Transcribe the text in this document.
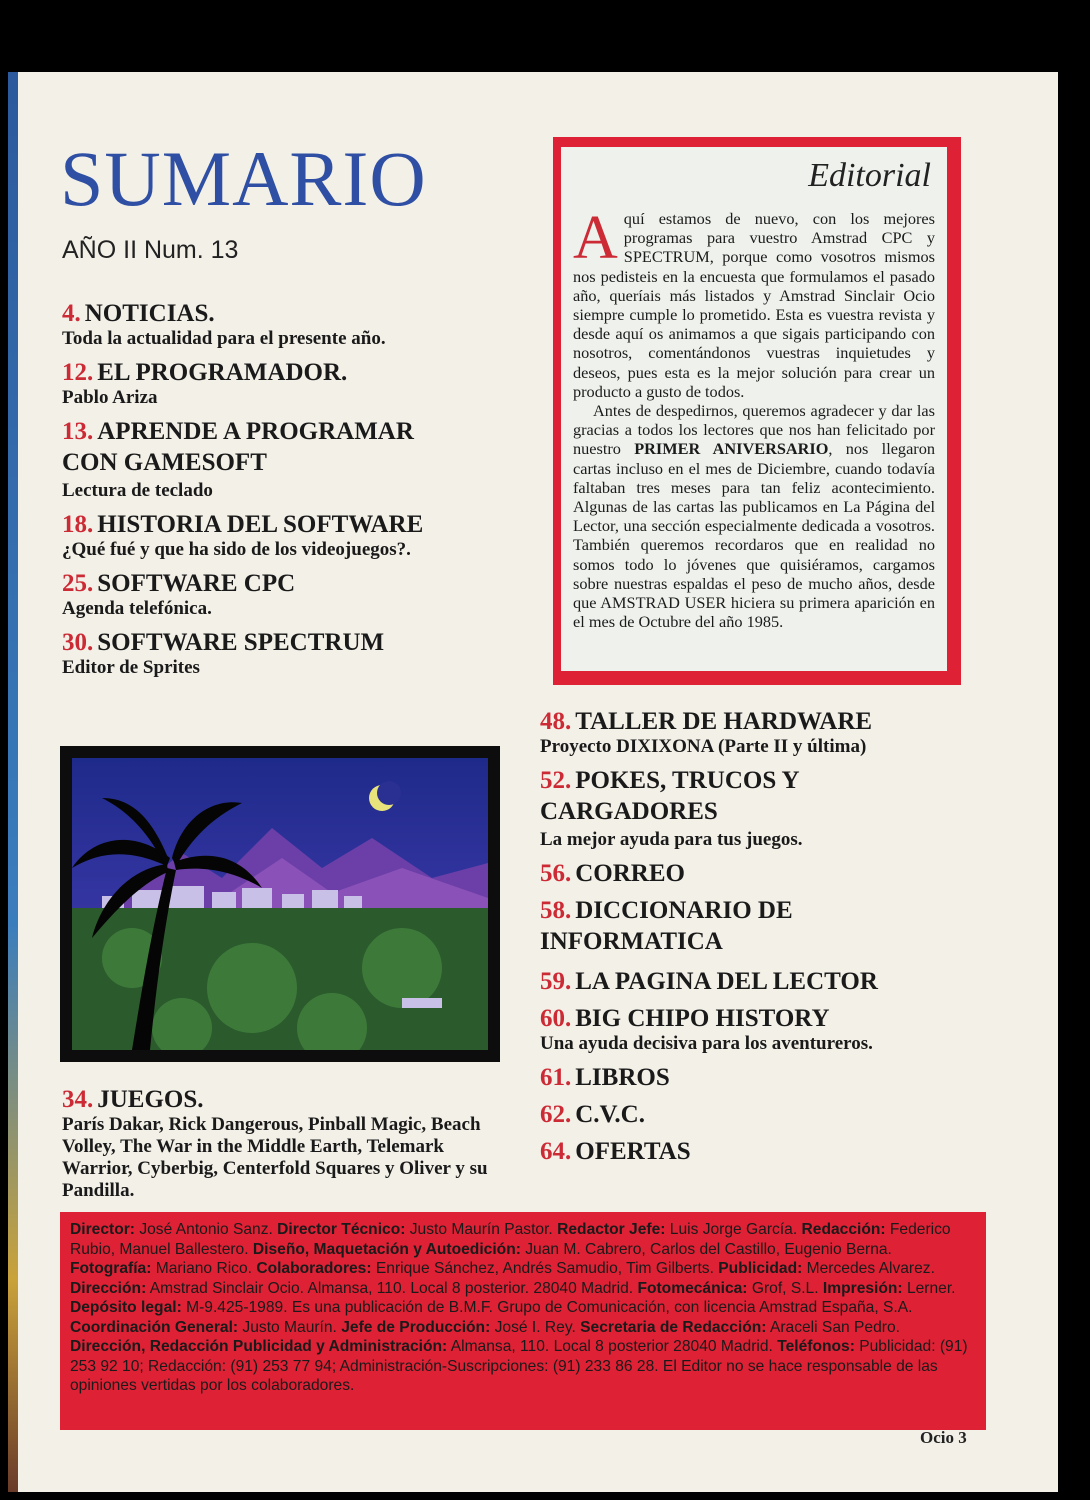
SUMARIO
AÑO II Num. 13
4. NOTICIAS.
Toda la actualidad para el presente año.
12. EL PROGRAMADOR.
Pablo Ariza
13. APRENDE A PROGRAMAR CON GAMESOFT
Lectura de teclado
18. HISTORIA DEL SOFTWARE
¿Qué fué y que ha sido de los videojuegos?.
25. SOFTWARE CPC
Agenda telefónica.
30. SOFTWARE SPECTRUM
Editor de Sprites
Editorial

Aquí estamos de nuevo, con los mejores programas para vuestro Amstrad CPC y SPECTRUM, porque como vosotros mismos nos pedisteis en la encuesta que formulamos el pasado año, queríais más listados y Amstrad Sinclair Ocio siempre cumple lo prometido. Esta es vuestra revista y desde aquí os animamos a que sigais participando con nosotros, comentándonos vuestras inquietudes y deseos, pues esta es la mejor solución para crear un producto a gusto de todos.

Antes de despedirnos, queremos agradecer y dar las gracias a todos los lectores que nos han felicitado por nuestro PRIMER ANIVERSARIO, nos llegaron cartas incluso en el mes de Diciembre, cuando todavía faltaban tres meses para tan feliz acontecimiento. Algunas de las cartas las publicamos en La Página del Lector, una sección especialmente dedicada a vosotros. También queremos recordaros que en realidad no somos todo lo jóvenes que quisiéramos, cargamos sobre nuestras espaldas el peso de mucho años, desde que AMSTRAD USER hiciera su primera aparición en el mes de Octubre del año 1985.

34. JUEGOS.
París Dakar, Rick Dangerous, Pinball Magic, Beach Volley, The War in the Middle Earth, Telemark Warrior, Cyberbig, Centerfold Squares y Oliver y su Pandilla.
48. TALLER DE HARDWARE
Proyecto DIXIXONA (Parte II y última)
52. POKES, TRUCOS Y CARGADORES
La mejor ayuda para tus juegos.
56. CORREO
58. DICCIONARIO DE INFORMATICA
59. LA PAGINA DEL LECTOR
60. BIG CHIPO HISTORY
Una ayuda decisiva para los aventureros.
61. LIBROS
62. C.V.C.
64. OFERTAS
Director: José Antonio Sanz. Director Técnico: Justo Maurín Pastor. Redactor Jefe: Luis Jorge García. Redacción: Federico Rubio, Manuel Ballestero. Diseño, Maquetación y Autoedición: Juan M. Cabrero, Carlos del Castillo, Eugenio Berna. Fotografía: Mariano Rico. Colaboradores: Enrique Sánchez, Andrés Samudio, Tim Gilberts. Publicidad: Mercedes Alvarez. Dirección: Amstrad Sinclair Ocio. Almansa, 110. Local 8 posterior. 28040 Madrid. Fotomecánica: Grof, S.L. Impresión: Lerner. Depósito legal: M-9.425-1989. Es una publicación de B.M.F. Grupo de Comunicación, con licencia Amstrad España, S.A. Coordinación General: Justo Maurín. Jefe de Producción: José I. Rey. Secretaria de Redacción: Araceli San Pedro. Dirección, Redacción Publicidad y Administración: Almansa, 110. Local 8 posterior 28040 Madrid. Teléfonos: Publicidad: (91) 253 92 10; Redacción: (91) 253 77 94; Administración-Suscripciones: (91) 233 86 28. El Editor no se hace responsable de las opiniones vertidas por los colaboradores.
Ocio 3
